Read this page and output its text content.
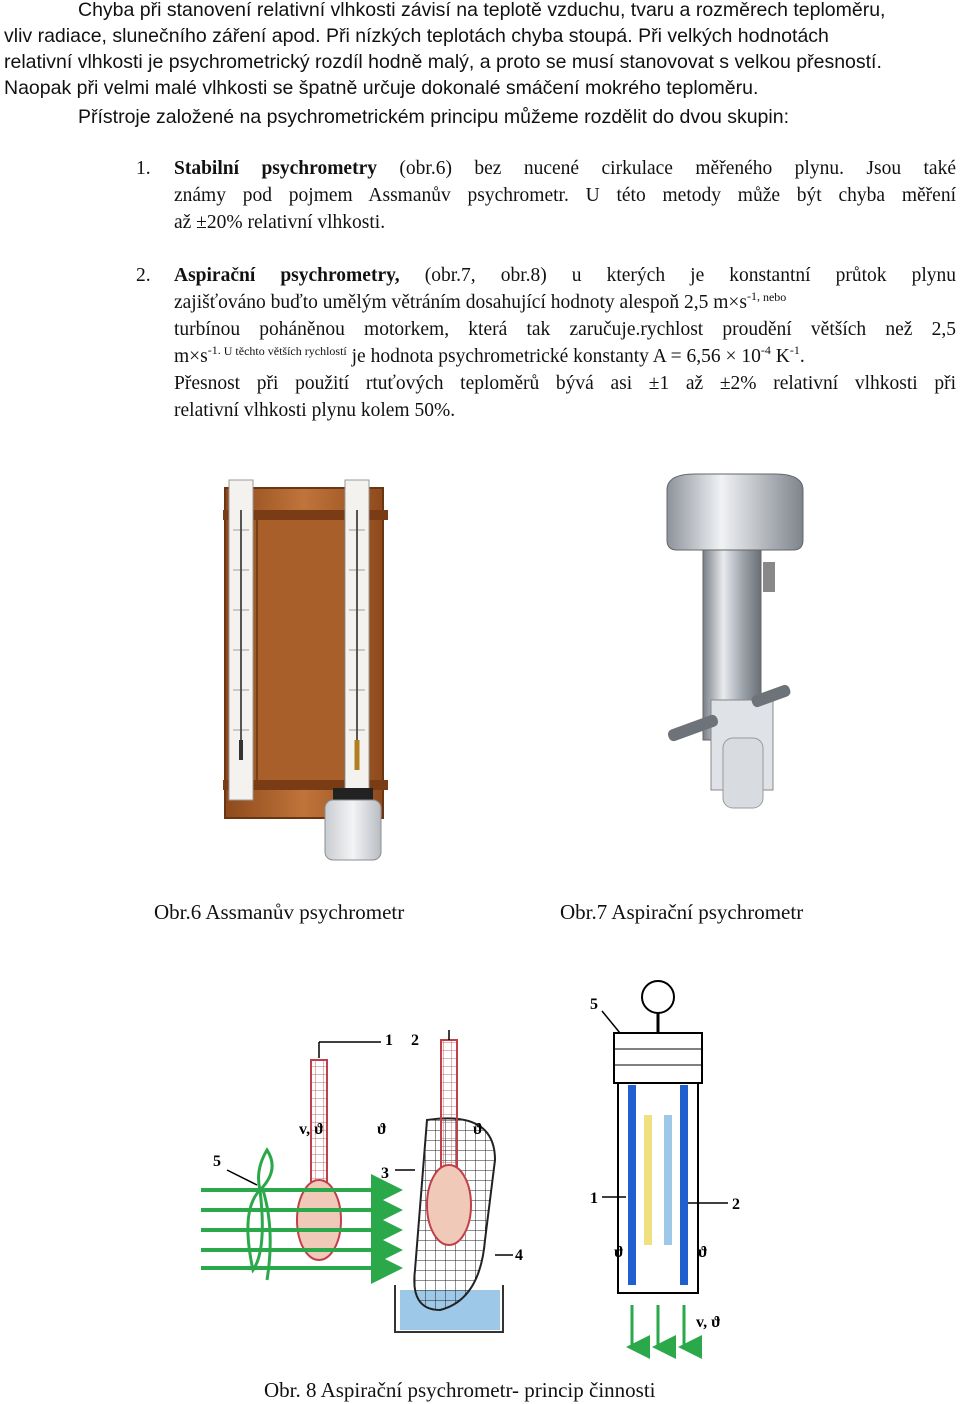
Chyba při stanovení relativní vlhkosti závisí na teplotě vzduchu, tvaru a rozměrech teploměru,
vliv radiace, slunečního záření apod. Při nízkých teplotách chyba stoupá. Při velkých hodnotách
relativní vlhkosti je psychrometrický rozdíl hodně malý, a proto se musí stanovovat s velkou přesností.
Naopak při velmi malé vlhkosti se špatně určuje dokonalé smáčení mokrého teploměru.
Přístroje založené na psychrometrickém principu můžeme rozdělit do dvou skupin:
1. Stabilní psychrometry (obr.6) bez nucené cirkulace měřeného plynu. Jsou také
známy pod pojmem Assmanův psychrometr. U této metody může být chyba měření
až ±20% relativní vlhkosti.
2. Aspirační psychrometry, (obr.7, obr.8) u kterých je konstantní průtok plynu
zajišťováno buďto umělým větráním dosahující hodnoty alespoň 2,5 $m\times s^{-1,}$ $^{nebo}$
turbínou poháněnou motorkem, která tak zaručuje.rychlost proudění větších než 2,5
$m\times s^{-1.}$ $^{U těchto větších rychlostí}$ je hodnota psychrometrické konstanty $A = 6,56 \times 10^{-4}$ $K^{-1}$.
Přesnost při použití rtuťových teploměrů bývá asi ±1 až ±2% relativní vlhkosti při
relativní vlhkosti plynu kolem 50%.
Obr.6 Assmanův psychrometr	Obr.7 Aspirační psychrometr
Obr. 8 Aspirační psychrometr- princip činnosti
1 2
3
4
5
v, ϑ	ϑ	ϑ
5
1	2
ϑ	ϑ
v, ϑ
